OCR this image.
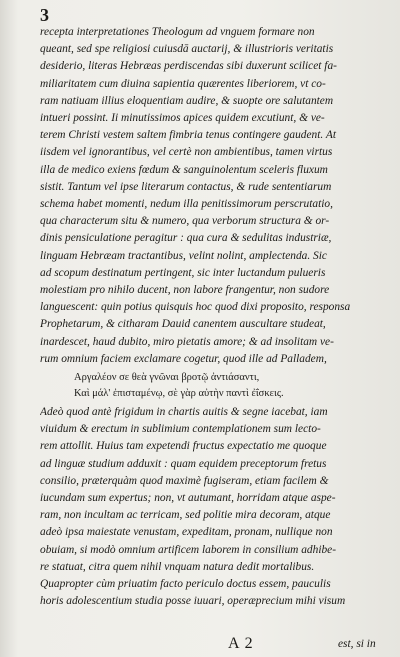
3
recepta interpretationes Theologum ad vnguem formare non
queant, sed spe religiosi cuiusdā auctarij, & illustrioris veritatis
desiderio, literas Hebræas perdiscendas sibi duxerunt scilicet fa-
miliaritatem cum diuina sapientia quærentes liberiorem, vt co-
ram natiuam illius eloquentiam audire, & suopte ore salutantem
intueri possint. Ii minutissimos apices quidem excutiunt, & ve-
terem Christi vestem saltem fimbria tenus contingere gaudent. At
iisdem vel ignorantibus, vel certè non ambientibus, tamen virtus
illa de medico exiens fœdum & sanguinolentum sceleris fluxum
sistit. Tantum vel ipse literarum contactus, & rude sententiarum
schema habet momenti, nedum illa penitissimorum perscrutatio,
qua characterum situ & numero, qua verborum structura & or-
dinis pensiculatione peragitur : qua cura & sedulitas industriæ,
linguam Hebræam tractantibus, velint nolint, amplectenda. Sic
ad scopum destinatum pertingent, sic inter luctandum pulueris
molestiam pro nihilo ducent, non labore frangentur, non sudore
languescent: quin potius quisquis hoc quod dixi proposito, responsa
Prophetarum, & citharam Dauid canentem auscultare studeat,
inardescet, haud dubito, miro pietatis amore; & ad insolitam ve-
rum omnium faciem exclamare cogetur, quod ille ad Palladem,
Αργαλέον σε θεὰ γνῶναι βροτῷ ἀντιάσαντι,
Καὶ μάλ' ἐπισταμένῳ, σὲ γὰρ αὐτὴν παντὶ ἐΐσκεις.
Adeò quod antè frigidum in chartis auitis & segne iacebat, iam
viuidum & erectum in sublimium contemplationem sum lecto-
rem attollit. Huius tam expetendi fructus expectatio me quoque
ad linguæ studium adduxit : quam equidem preceptorum fretus
consilio, præterquàm quod maximè fugiseram, etiam facilem &
iucundam sum expertus; non, vt autumant, horridam atque aspe-
ram, non incultam ac terricam, sed politie mira decoram, atque
adeò ipsa maiestate venustam, expeditam, pronam, nullique non
obuiam, si modò omnium artificem laborem in consilium adhibe-
re statuat, citra quem nihil vnquam natura dedit mortalibus.
Quapropter cùm priuatim facto periculo doctus essem, pauculis
horis adolescentium studia posse iuuari, operæprecium mihi visum
A 2	est, si in
